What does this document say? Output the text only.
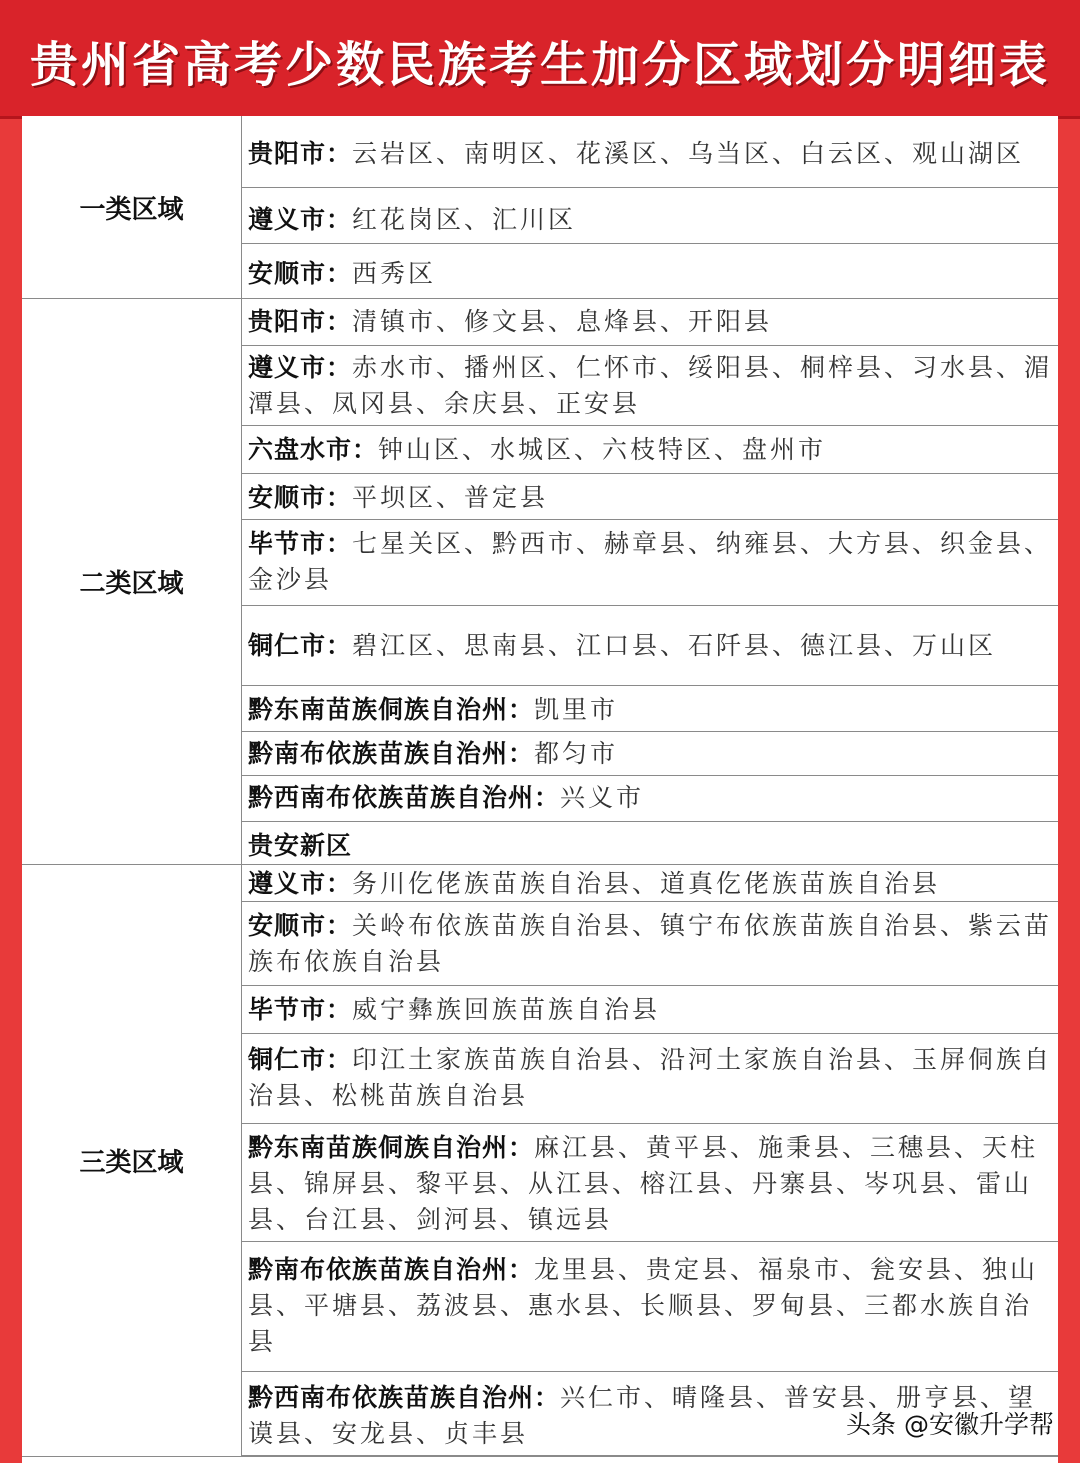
贵州省高考少数民族考生加分区域划分明细表
一类区域
贵阳市：云岩区、南明区、花溪区、乌当区、白云区、观山湖区
遵义市：红花岗区、汇川区
安顺市：西秀区
二类区域
贵阳市：清镇市、修文县、息烽县、开阳县
遵义市：赤水市、播州区、仁怀市、绥阳县、桐梓县、习水县、湄潭县、凤冈县、余庆县、正安县
六盘水市：钟山区、水城区、六枝特区、盘州市
安顺市：平坝区、普定县
毕节市：七星关区、黔西市、赫章县、纳雍县、大方县、织金县、金沙县
铜仁市：碧江区、思南县、江口县、石阡县、德江县、万山区
黔东南苗族侗族自治州：凯里市
黔南布依族苗族自治州：都匀市
黔西南布依族苗族自治州：兴义市
贵安新区
三类区域
遵义市：务川仡佬族苗族自治县、道真仡佬族苗族自治县
安顺市：关岭布依族苗族自治县、镇宁布依族苗族自治县、紫云苗族布依族自治县
毕节市：威宁彝族回族苗族自治县
铜仁市：印江土家族苗族自治县、沿河土家族自治县、玉屏侗族自治县、松桃苗族自治县
黔东南苗族侗族自治州：麻江县、黄平县、施秉县、三穗县、天柱县、锦屏县、黎平县、从江县、榕江县、丹寨县、岑巩县、雷山县、台江县、剑河县、镇远县
黔南布依族苗族自治州：龙里县、贵定县、福泉市、瓮安县、独山县、平塘县、荔波县、惠水县、长顺县、罗甸县、三都水族自治县
黔西南布依族苗族自治州：兴仁市、晴隆县、普安县、册亨县、望谟县、安龙县、贞丰县	头条 @安徽升学帮
